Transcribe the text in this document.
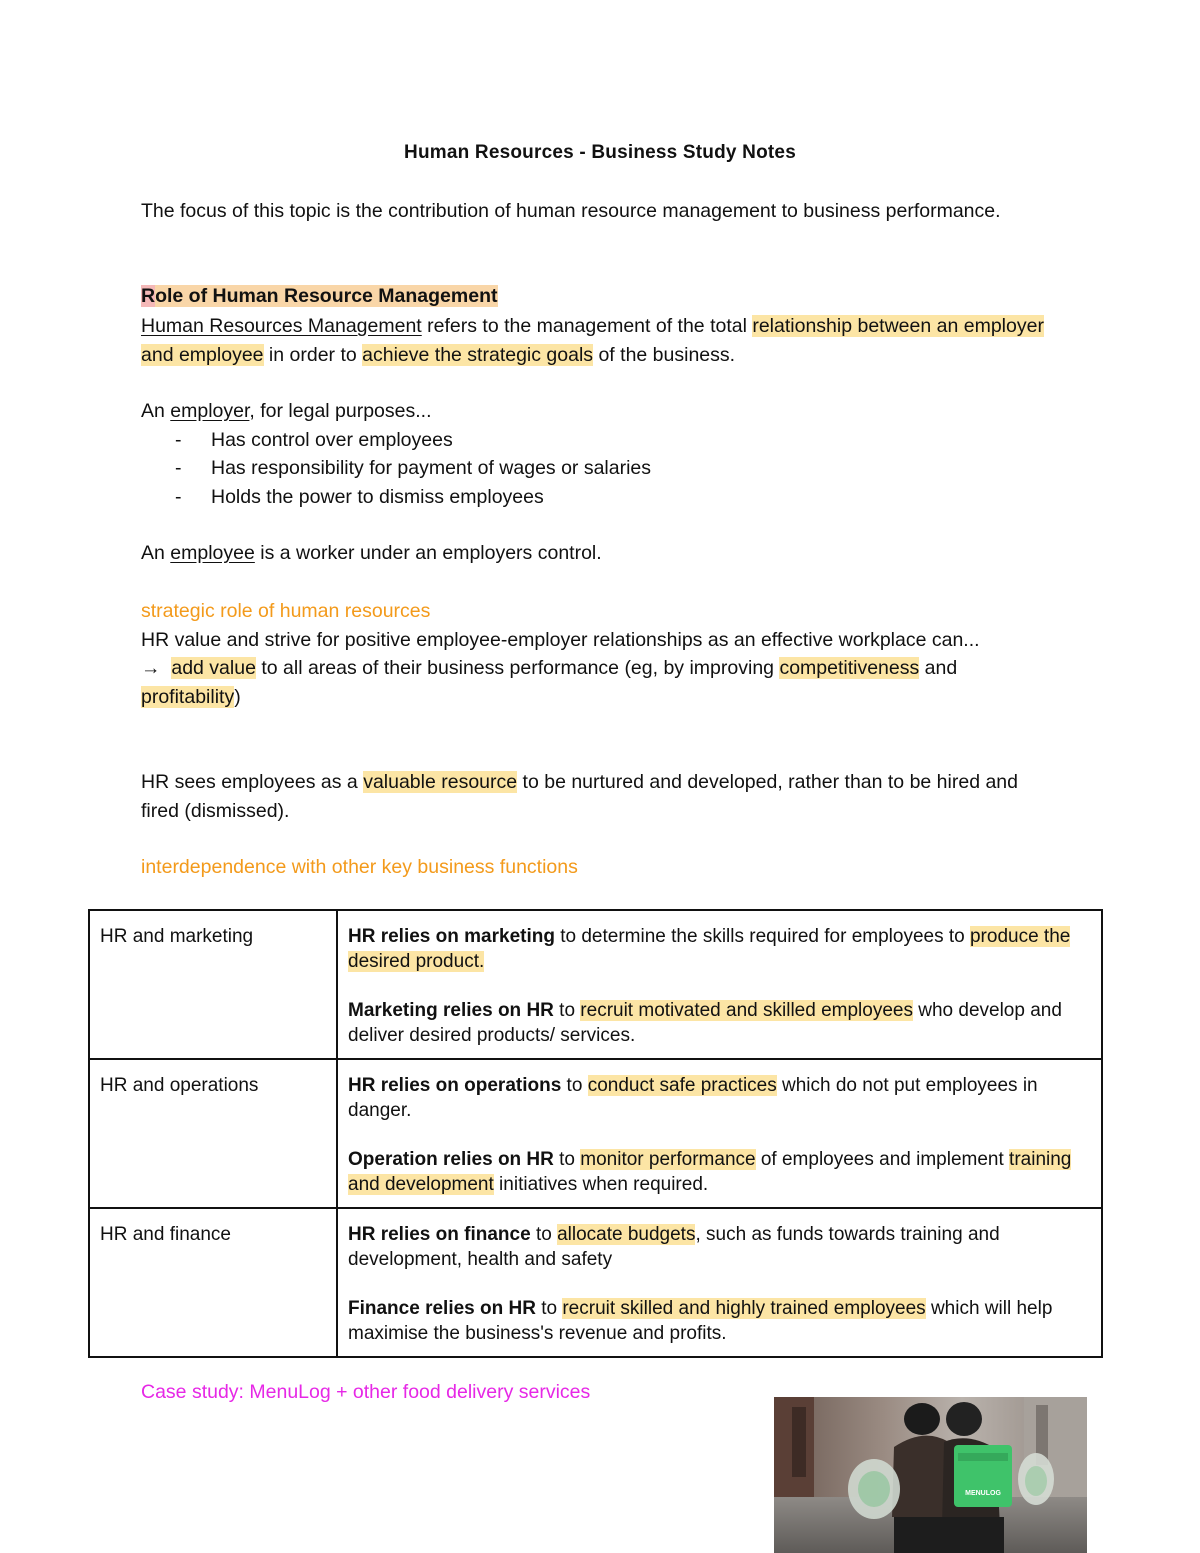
Human Resources - Business Study Notes
The focus of this topic is the contribution of human resource management to business performance.
Role of Human Resource Management
Human Resources Management refers to the management of the total relationship between an employer and employee in order to achieve the strategic goals of the business.
An employer, for legal purposes...
- Has control over employees
- Has responsibility for payment of wages or salaries
- Holds the power to dismiss employees
An employee is a worker under an employers control.
strategic role of human resources
HR value and strive for positive employee-employer relationships as an effective workplace can...
→ add value to all areas of their business performance (eg, by improving competitiveness and profitability)
HR sees employees as a valuable resource to be nurtured and developed, rather than to be hired and fired (dismissed).
interdependence with other key business functions
HR and marketing	HR relies on marketing to determine the skills required for employees to produce the desired product.

Marketing relies on HR to recruit motivated and skilled employees who develop and deliver desired products/ services.

HR and operations	HR relies on operations to conduct safe practices which do not put employees in danger.

Operation relies on HR to monitor performance of employees and implement training and development initiatives when required.

HR and finance	HR relies on finance to allocate budgets, such as funds towards training and development, health and safety

Finance relies on HR to recruit skilled and highly trained employees which will help maximise the business's revenue and profits.

Case study: MenuLog + other food delivery services
MENULOG
